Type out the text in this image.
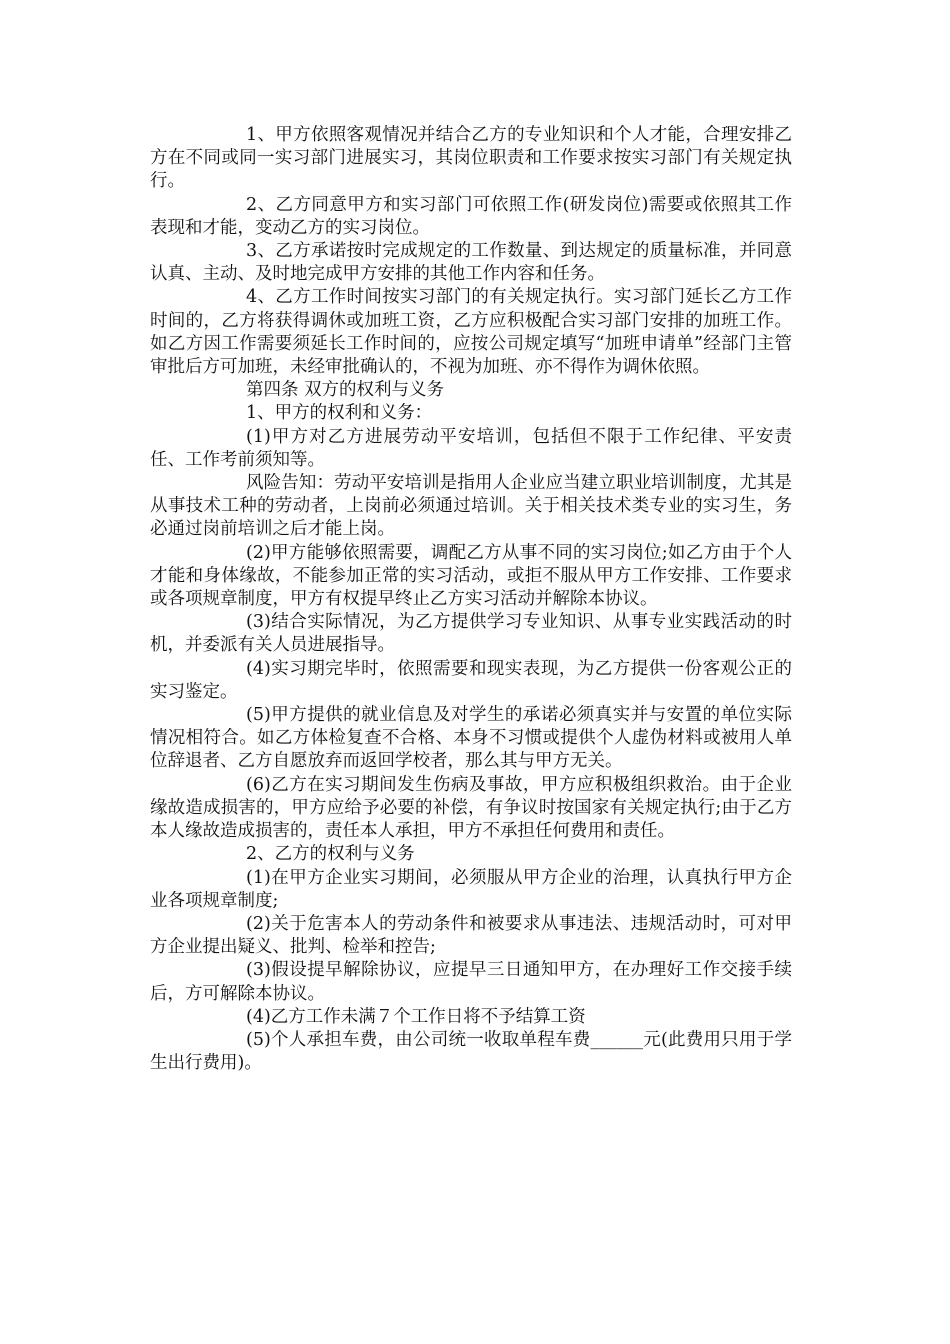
1、甲方依照客观情况并结合乙方的专业知识和个人才能，合理安排乙方在不同或同一实习部门进展实习，其岗位职责和工作要求按实习部门有关规定执行。

2、乙方同意甲方和实习部门可依照工作(研发岗位)需要或依照其工作表现和才能，变动乙方的实习岗位。

3、乙方承诺按时完成规定的工作数量、到达规定的质量标准，并同意认真、主动、及时地完成甲方安排的其他工作内容和任务。

4、乙方工作时间按实习部门的有关规定执行。实习部门延长乙方工作时间的，乙方将获得调休或加班工资，乙方应积极配合实习部门安排的加班工作。如乙方因工作需要须延长工作时间的，应按公司规定填写“加班申请单”经部门主管审批后方可加班，未经审批确认的，不视为加班、亦不得作为调休依照。

第四条 双方的权利与义务

1、甲方的权利和义务：

(1)甲方对乙方进展劳动平安培训，包括但不限于工作纪律、平安责任、工作考前须知等。

风险告知：劳动平安培训是指用人企业应当建立职业培训制度，尤其是从事技术工种的劳动者，上岗前必须通过培训。关于相关技术类专业的实习生，务必通过岗前培训之后才能上岗。

(2)甲方能够依照需要，调配乙方从事不同的实习岗位;如乙方由于个人才能和身体缘故，不能参加正常的实习活动，或拒不服从甲方工作安排、工作要求或各项规章制度，甲方有权提早终止乙方实习活动并解除本协议。

(3)结合实际情况，为乙方提供学习专业知识、从事专业实践活动的时机，并委派有关人员进展指导。

(4)实习期完毕时，依照需要和现实表现，为乙方提供一份客观公正的实习鉴定。

(5)甲方提供的就业信息及对学生的承诺必须真实并与安置的单位实际情况相符合。如乙方体检复查不合格、本身不习惯或提供个人虚伪材料或被用人单位辞退者、乙方自愿放弃而返回学校者，那么其与甲方无关。

(6)乙方在实习期间发生伤病及事故，甲方应积极组织救治。由于企业缘故造成损害的，甲方应给予必要的补偿，有争议时按国家有关规定执行;由于乙方本人缘故造成损害的，责任本人承担，甲方不承担任何费用和责任。

2、乙方的权利与义务

(1)在甲方企业实习期间，必须服从甲方企业的治理，认真执行甲方企业各项规章制度;

(2)关于危害本人的劳动条件和被要求从事违法、违规活动时，可对甲方企业提出疑义、批判、检举和控告;

(3)假设提早解除协议，应提早三日通知甲方，在办理好工作交接手续后，方可解除本协议。

(4)乙方工作未满７个工作日将不予结算工资

(5)个人承担车费，由公司统一收取单程车费______元(此费用只用于学生出行费用)。
